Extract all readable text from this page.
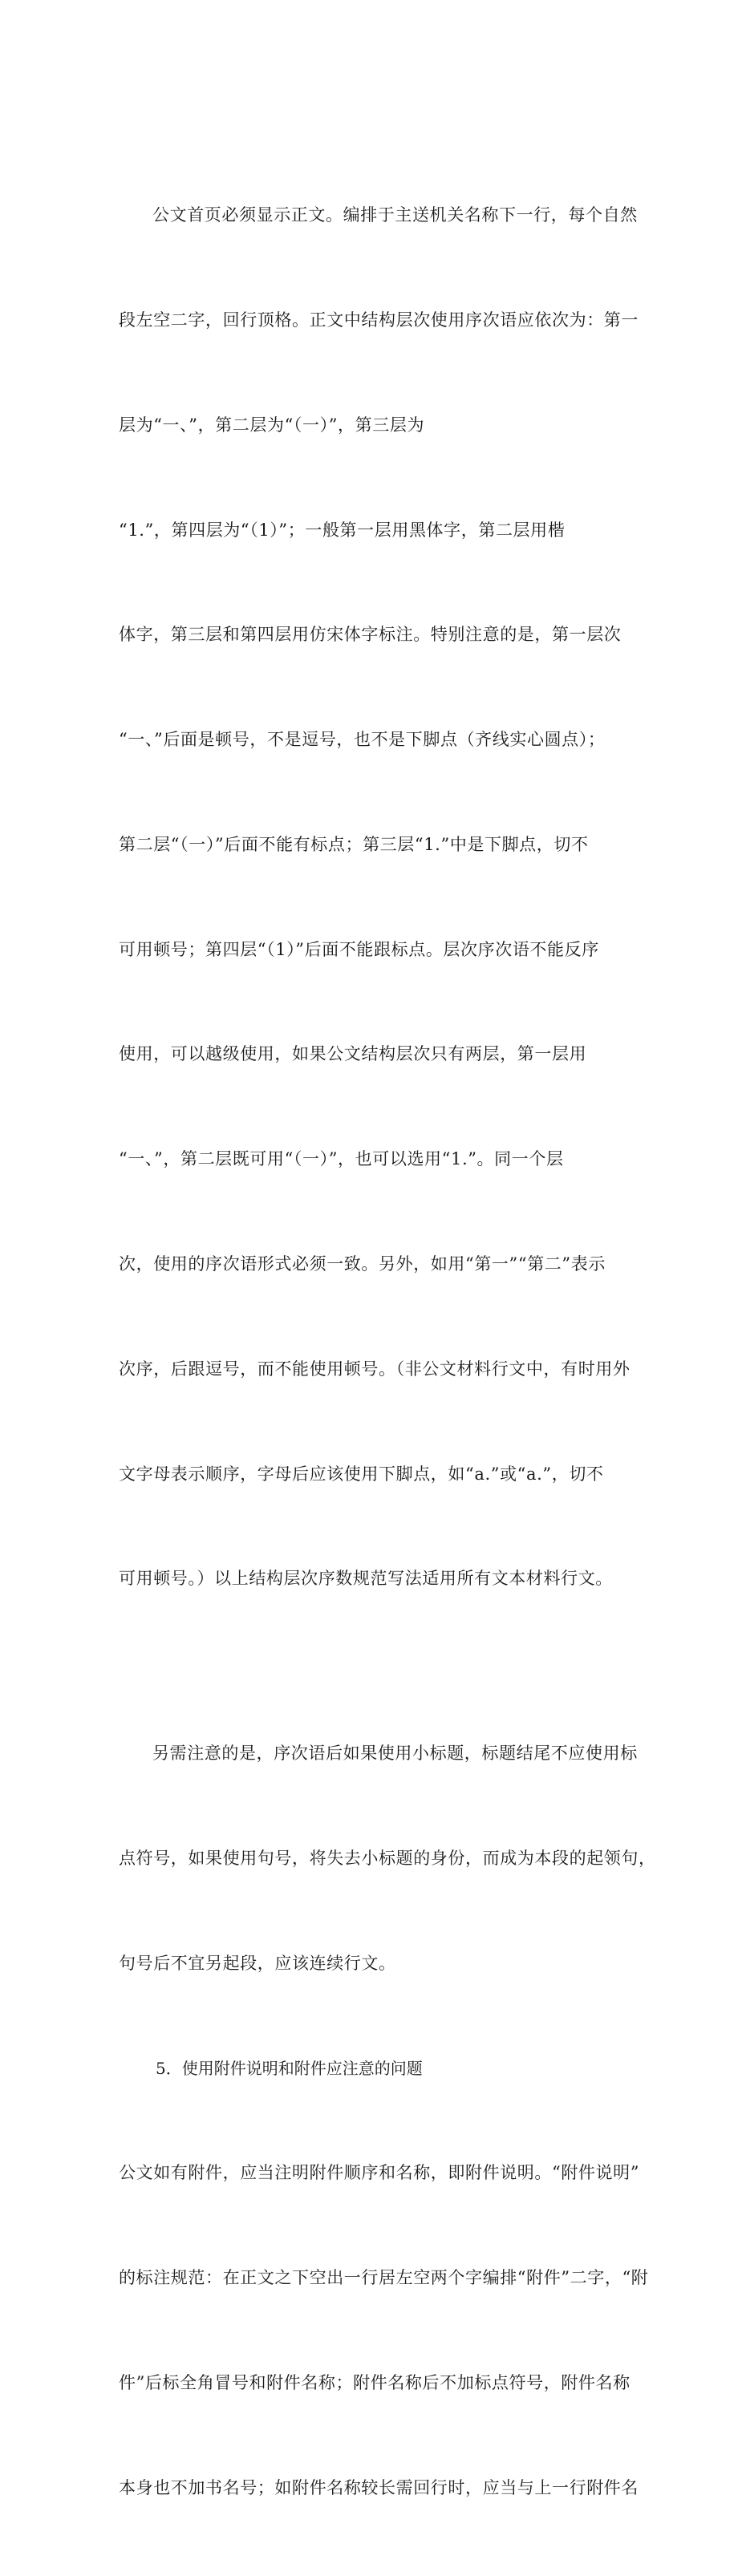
公文首页必须显示正文。编排于主送机关名称下一行，每个自然

段左空二字，回行顶格。正文中结构层次使用序次语应依次为：第一

层为“一、”，第二层为“（一）”，第三层为

“1.”，第四层为“（1）”；一般第一层用黑体字，第二层用楷

体字，第三层和第四层用仿宋体字标注。特别注意的是，第一层次

“一、”后面是顿号，不是逗号，也不是下脚点（齐线实心圆点）；

第二层“（一）”后面不能有标点；第三层“1.”中是下脚点，切不

可用顿号；第四层“（1）”后面不能跟标点。层次序次语不能反序

使用，可以越级使用，如果公文结构层次只有两层，第一层用

“一、”，第二层既可用“（一）”，也可以选用“1.”。同一个层

次，使用的序次语形式必须一致。另外，如用“第一”“第二”表示

次序，后跟逗号，而不能使用顿号。（非公文材料行文中，有时用外

文字母表示顺序，字母后应该使用下脚点，如“a.”或“a.”，切不

可用顿号。）以上结构层次序数规范写法适用所有文本材料行文。

另需注意的是，序次语后如果使用小标题，标题结尾不应使用标

点符号，如果使用句号，将失去小标题的身份，而成为本段的起领句，

句号后不宜另起段，应该连续行文。

5．使用附件说明和附件应注意的问题

公文如有附件，应当注明附件顺序和名称，即附件说明。“附件说明”

的标注规范：在正文之下空出一行居左空两个字编排“附件”二字，“附

件”后标全角冒号和附件名称；附件名称后不加标点符号，附件名称

本身也不加书名号；如附件名称较长需回行时，应当与上一行附件名
